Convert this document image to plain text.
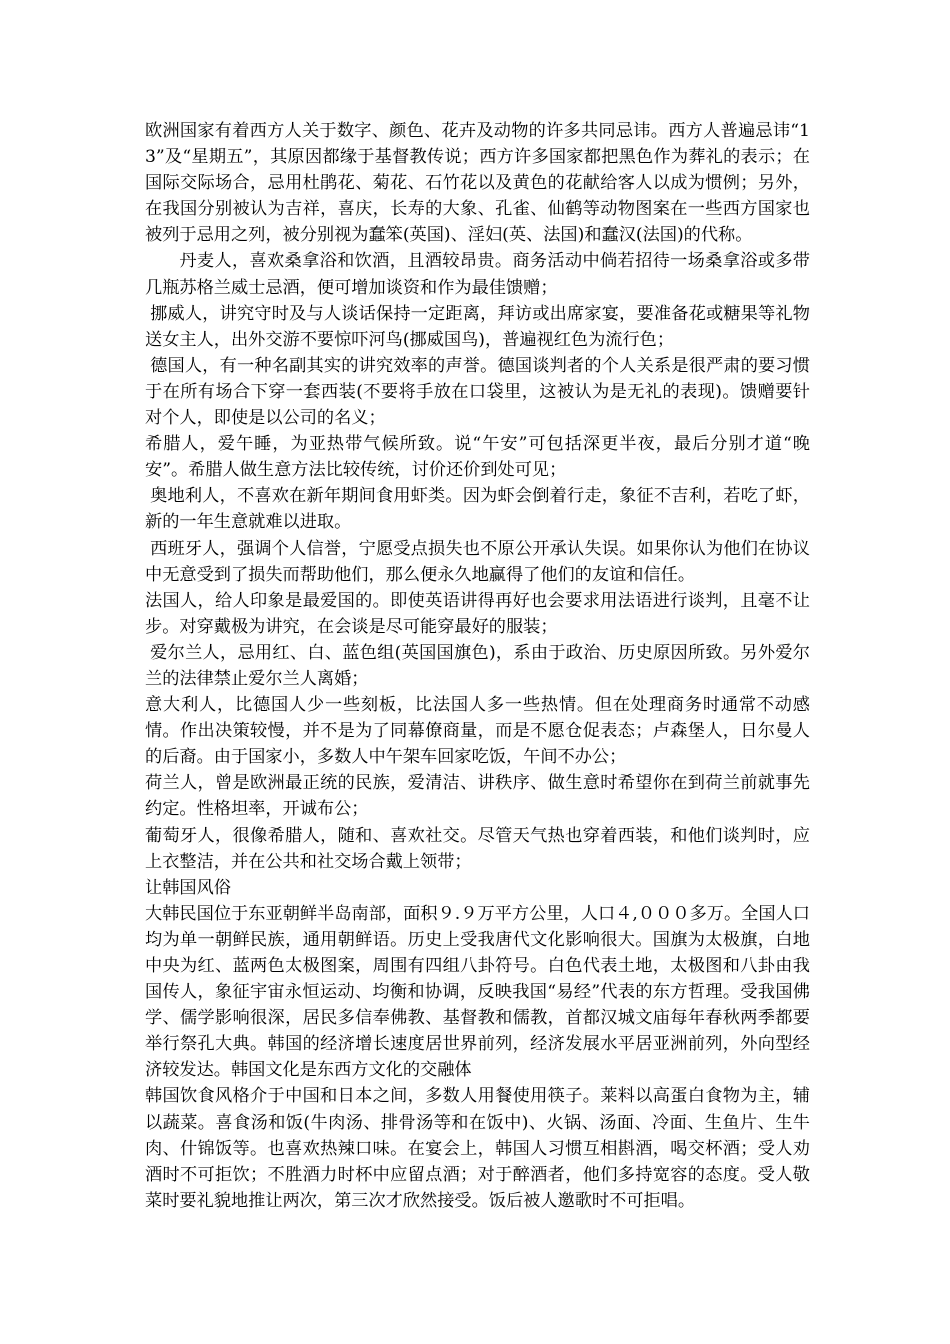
欧洲国家有着西方人关于数字、颜色、花卉及动物的许多共同忌讳。西方人普遍忌讳“13”及“星期五”，其原因都缘于基督教传说；西方许多国家都把黑色作为葬礼的表示；在国际交际场合，忌用杜鹃花、菊花、石竹花以及黄色的花献给客人以成为惯例；另外，在我国分别被认为吉祥，喜庆，长寿的大象、孔雀、仙鹤等动物图案在一些西方国家也被列于忌用之列，被分别视为蠢笨(英国)、淫妇(英、法国)和蠢汉(法国)的代称。

丹麦人，喜欢桑拿浴和饮酒，且酒较昂贵。商务活动中倘若招待一场桑拿浴或多带几瓶苏格兰威士忌酒，便可增加谈资和作为最佳馈赠；

挪威人，讲究守时及与人谈话保持一定距离，拜访或出席家宴，要准备花或糖果等礼物送女主人，出外交游不要惊吓河鸟(挪威国鸟)，普遍视红色为流行色；

德国人，有一种名副其实的讲究效率的声誉。德国谈判者的个人关系是很严肃的要习惯于在所有场合下穿一套西装(不要将手放在口袋里，这被认为是无礼的表现)。馈赠要针对个人，即使是以公司的名义；

希腊人，爱午睡，为亚热带气候所致。说“午安”可包括深更半夜，最后分别才道“晚安”。希腊人做生意方法比较传统，讨价还价到处可见；

奥地利人，不喜欢在新年期间食用虾类。因为虾会倒着行走，象征不吉利，若吃了虾，新的一年生意就难以进取。

西班牙人，强调个人信誉，宁愿受点损失也不原公开承认失误。如果你认为他们在协议中无意受到了损失而帮助他们，那么便永久地赢得了他们的友谊和信任。

法国人，给人印象是最爱国的。即使英语讲得再好也会要求用法语进行谈判，且毫不让步。对穿戴极为讲究，在会谈是尽可能穿最好的服装；

爱尔兰人，忌用红、白、蓝色组(英国国旗色)，系由于政治、历史原因所致。另外爱尔兰的法律禁止爱尔兰人离婚；

意大利人，比德国人少一些刻板，比法国人多一些热情。但在处理商务时通常不动感情。作出决策较慢，并不是为了同幕僚商量，而是不愿仓促表态；卢森堡人，日尔曼人的后裔。由于国家小，多数人中午架车回家吃饭，午间不办公；

荷兰人，曾是欧洲最正统的民族，爱清洁、讲秩序、做生意时希望你在到荷兰前就事先约定。性格坦率，开诚布公；

葡萄牙人，很像希腊人，随和、喜欢社交。尽管天气热也穿着西装，和他们谈判时，应上衣整洁，并在公共和社交场合戴上领带；

让韩国风俗

大韩民国位于东亚朝鲜半岛南部，面积９.９万平方公里，人口４,０００多万。全国人口均为单一朝鲜民族，通用朝鲜语。历史上受我唐代文化影响很大。国旗为太极旗，白地中央为红、蓝两色太极图案，周围有四组八卦符号。白色代表土地，太极图和八卦由我国传人，象征宇宙永恒运动、均衡和协调，反映我国“易经”代表的东方哲理。受我国佛学、儒学影响很深，居民多信奉佛教、基督教和儒教，首都汉城文庙每年春秋两季都要举行祭孔大典。韩国的经济增长速度居世界前列，经济发展水平居亚洲前列，外向型经济较发达。韩国文化是东西方文化的交融体

韩国饮食风格介于中国和日本之间，多数人用餐使用筷子。莱料以高蛋白食物为主，辅以蔬菜。喜食汤和饭(牛肉汤、排骨汤等和在饭中)、火锅、汤面、冷面、生鱼片、生牛肉、什锦饭等。也喜欢热辣口味。在宴会上，韩国人习惯互相斟酒，喝交杯酒；受人劝酒时不可拒饮；不胜酒力时杯中应留点酒；对于醉酒者，他们多持宽容的态度。受人敬菜时要礼貌地推让两次，第三次才欣然接受。饭后被人邀歌时不可拒唱。
